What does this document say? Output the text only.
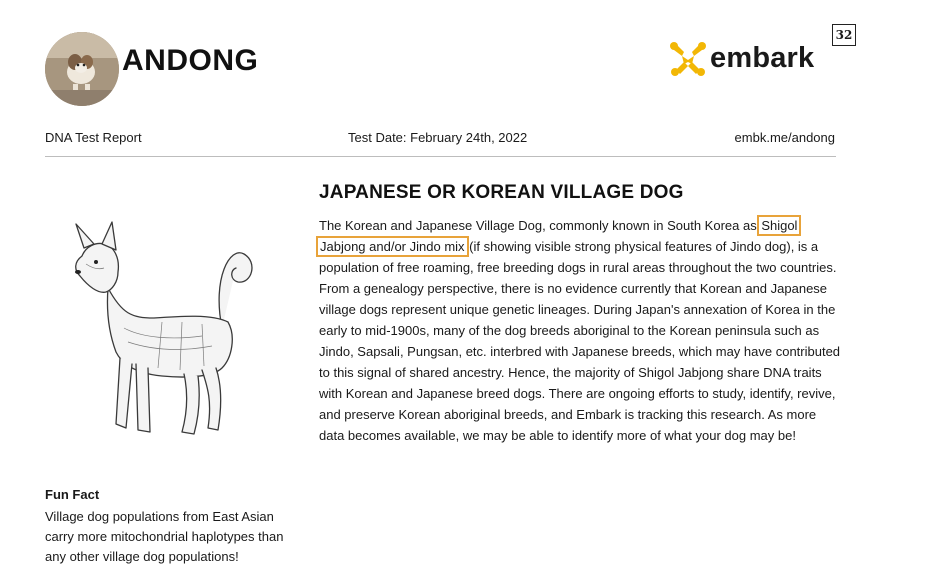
ANDONG
32
embark
DNA Test Report	Test Date: February 24th, 2022	embk.me/andong
JAPANESE OR KOREAN VILLAGE DOG
The Korean and Japanese Village Dog, commonly known in South Korea as Shigol Jabjong and/or Jindo mix (if showing visible strong physical features of Jindo dog), is a population of free roaming, free breeding dogs in rural areas throughout the two countries. From a genealogy perspective, there is no evidence currently that Korean and Japanese village dogs represent unique genetic lineages. During Japan's annexation of Korea in the early to mid-1900s, many of the dog breeds aboriginal to the Korean peninsula such as Jindo, Sapsali, Pungsan, etc. interbred with Japanese breeds, which may have contributed to this signal of shared ancestry. Hence, the majority of Shigol Jabjong share DNA traits with Korean and Japanese breed dogs. There are ongoing efforts to study, identify, revive, and preserve Korean aboriginal breeds, and Embark is tracking this research. As more data becomes available, we may be able to identify more of what your dog may be!
Fun Fact
Village dog populations from East Asian carry more mitochondrial haplotypes than any other village dog populations!
